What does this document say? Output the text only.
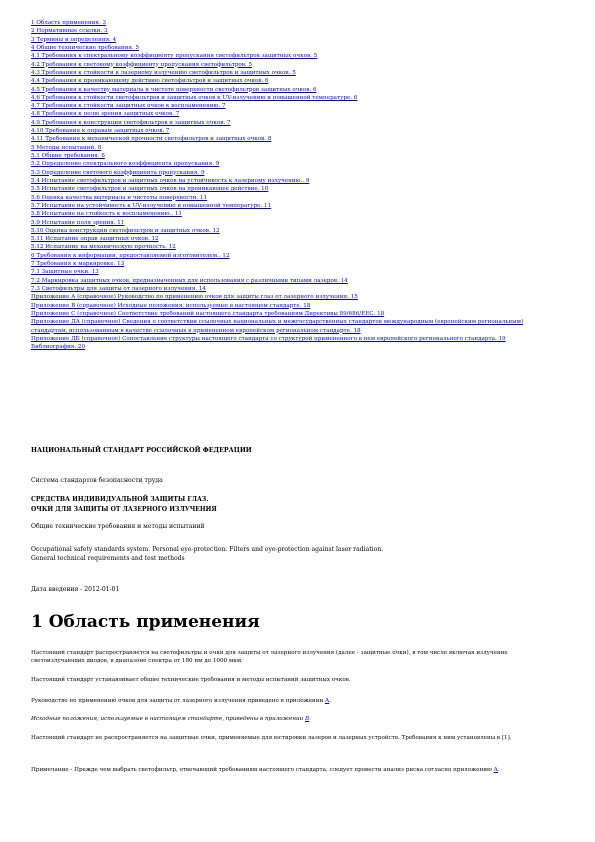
1 Область применения. 3
2 Нормативные ссылки. 3
3 Термины и определения. 4
4 Общие технические требования. 5
4.1 Требования к спектральному коэффициенту пропускания светофильтров защитных очков. 5
4.2 Требования к световому коэффициенту пропускания светофильтров. 5
4.3 Требования к стойкости к лазерному излучению светофильтров и защитных очков. 5
4.4 Требования к проникающему действию светофильтров и защитных очков. 6
4.5 Требования к качеству материала и чистоте поверхности светофильтров защитных очков. 6
4.6 Требования к стойкости светофильтров и защитных очков к UV-излучению и повышенной температуре. 6
4.7 Требования к стойкости защитных очков к воспламенению. 7
4.8 Требования к полю зрения защитных очков. 7
4.9 Требования к конструкции светофильтров и защитных очков. 7
4.10 Требования к оправам защитных очков. 7
4.11 Требования к механической прочности светофильтров и защитных очков. 8
5 Методы испытаний. 8
5.1 Общие требования. 8
5.2 Определение спектрального коэффициента пропускания. 9
5.3 Определение светового коэффициента пропускания. 9
5.4 Испытание светофильтров и защитных очков на устойчивость к лазерному излучению.. 9
5.5 Испытание светофильтров и защитных очков на проникающее действие. 10
5.6 Оценка качества материала и чистоты поверхности. 11
5.7 Испытание на устойчивость к UV-излучению и повышенной температуре. 11
5.8 Испытание на стойкость к воспламенению.. 11
5.9 Испытание поля зрения. 11
5.10 Оценка конструкции светофильтров и защитных очков. 12
5.11 Испытание оправ защитных очков. 12
5.12 Испытание на механическую прочность. 12
6 Требования к информации, предоставляемой изготовителем.. 12
7 Требования к маркировке. 13
7.1 Защитные очки. 13
7.2 Маркировка защитных очков, предназначенных для использования с различными типами лазеров. 14
7.3 Светофильтры для защиты от лазерного излучения. 14
Приложение А (справочное) Руководство по применению очков для защиты глаз от лазерного излучения. 15
Приложение В (справочное) Исходные положения, используемые в настоящем стандарте. 18
Приложение С (справочное) Соответствие требований настоящего стандарта требованиям Директивы 89/686/ЕЕС. 18
Приложение ДА (справочное) Сведения о соответствии ссылочных национальных и межгосударственных стандартов международным (европейским региональным) стандартам, использованным в качестве ссылочных в примененном европейском региональном стандарте. 18
Приложение ДБ (справочное) Сопоставление структуры настоящего стандарта со структурой примененного в нем европейского регионального стандарта. 19
Библиография. 20
НАЦИОНАЛЬНЫЙ СТАНДАРТ РОССИЙСКОЙ ФЕДЕРАЦИИ
Система стандартов безопасности труда
СРЕДСТВА ИНДИВИДУАЛЬНОЙ ЗАЩИТЫ ГЛАЗ.
ОЧКИ ДЛЯ ЗАЩИТЫ ОТ ЛАЗЕРНОГО ИЗЛУЧЕНИЯ
Общие технические требования и методы испытаний
Occupational safety standards system. Personal eye-protection. Filters and eye-protection against laser radiation.
General technical requirements and test methods
Дата введения - 2012-01-01
1 Область применения

Настоящий стандарт распространяется на светофильтры и очки для защиты от лазерного излучения (далее - защитные очки), в том числе включая излучение светоизлучающих диодов, в диапазоне спектра от 180 нм до 1000 мкм.

Настоящий стандарт устанавливает общие технические требования и методы испытаний защитных очков.

Руководство по применению очков для защиты от лазерного излучения приведено в приложении А.

Исходные положения, используемые в настоящем стандарте, приведены в приложении В.

Настоящий стандарт не распространяется на защитные очки, применяемые для юстировки лазеров и лазерных устройств. Требования к ним установлены в [1].

Примечание - Прежде чем выбрать светофильтр, отвечающий требованиям настоящего стандарта, следует провести анализ риска согласно приложению А.
